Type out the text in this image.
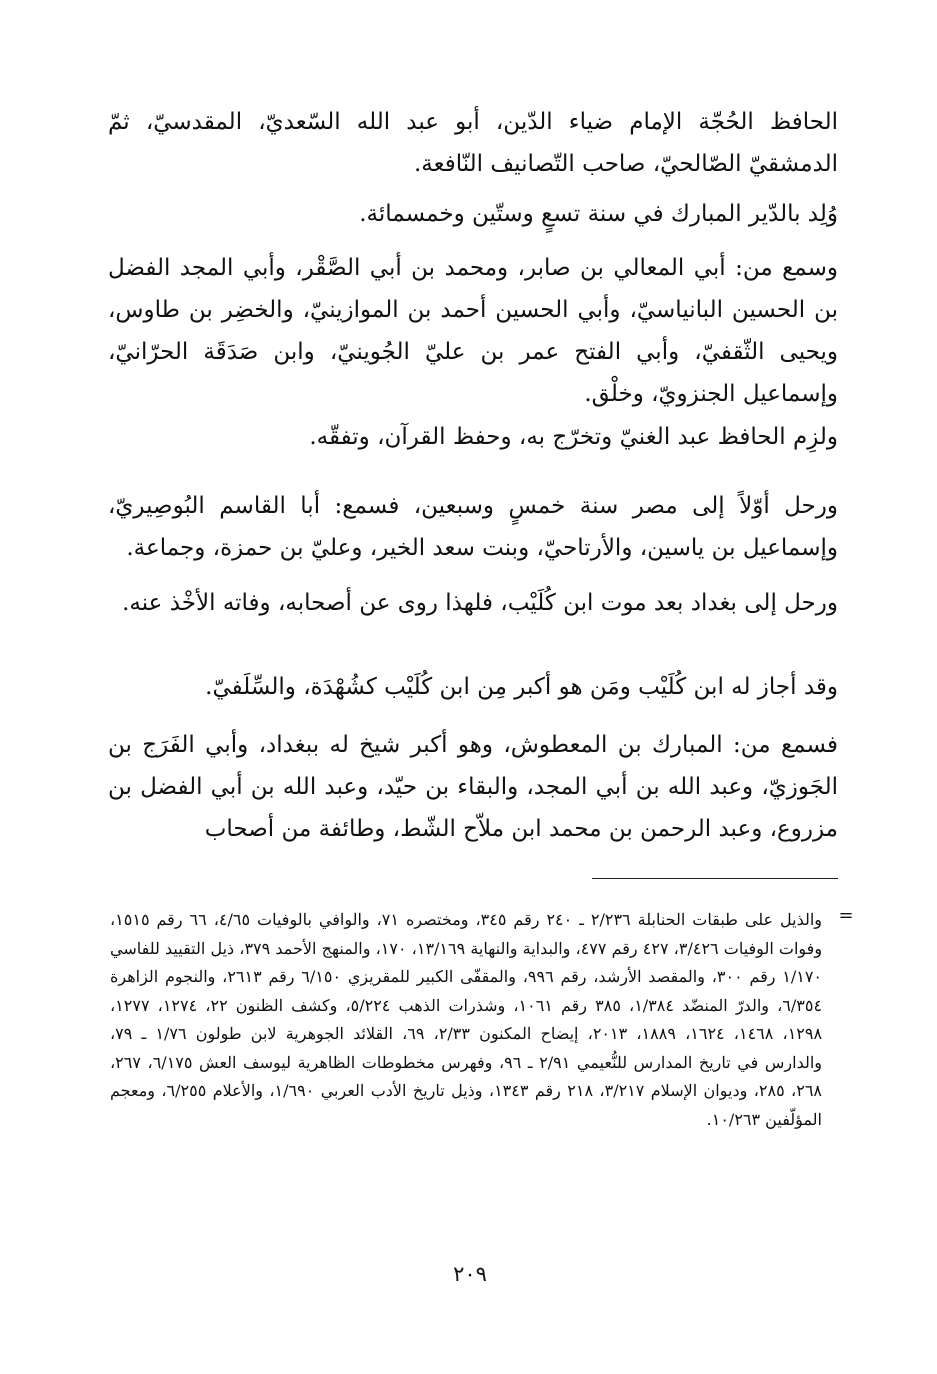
الحافظ الحُجّة الإمام ضياء الدّين، أبو عبد الله السّعديّ، المقدسيّ، ثمّ الدمشقيّ الصّالحيّ، صاحب التّصانيف النّافعة.

وُلِد بالدّير المبارك في سنة تسعٍ وستّين وخمسمائة.

وسمع من: أبي المعالي بن صابر، ومحمد بن أبي الصَّقْر، وأبي المجد الفضل بن الحسين البانياسيّ، وأبي الحسين أحمد بن الموازينيّ، والخضِر بن طاوس، ويحيى الثّقفيّ، وأبي الفتح عمر بن عليّ الجُوينيّ، وابن صَدَقَة الحرّانيّ، وإسماعيل الجنزويّ، وخلْق.

ولزِم الحافظ عبد الغنيّ وتخرّج به، وحفظ القرآن، وتفقّه.

ورحل أوّلاً إلى مصر سنة خمسٍ وسبعين، فسمع: أبا القاسم البُوصِيريّ، وإسماعيل بن ياسين، والأرتاحيّ، وبنت سعد الخير، وعليّ بن حمزة، وجماعة.

ورحل إلى بغداد بعد موت ابن كُلَيْب، فلهذا روى عن أصحابه، وفاته الأخْذ عنه.

وقد أجاز له ابن كُلَيْب ومَن هو أكبر مِن ابن كُلَيْب كشُهْدَة، والسِّلَفيّ.

فسمع من: المبارك بن المعطوش، وهو أكبر شيخ له ببغداد، وأبي الفَرَج بن الجَوزيّ، وعبد الله بن أبي المجد، والبقاء بن حيّد، وعبد الله بن أبي الفضل بن مزروع، وعبد الرحمن بن محمد ابن ملاّح الشّط، وطائفة من أصحاب

=

والذيل على طبقات الحنابلة ٢/٢٣٦ ـ ٢٤٠ رقم ٣٤٥، ومختصره ٧١، والوافي بالوفيات ٤/٦٥، ٦٦ رقم ١٥١٥، وفوات الوفيات ٣/٤٢٦، ٤٢٧ رقم ٤٧٧، والبداية والنهاية ١٣/١٦٩، ١٧٠، والمنهج الأحمد ٣٧٩، ذيل التقييد للفاسي ١/١٧٠ رقم ٣٠٠، والمقصد الأرشد، رقم ٩٩٦، والمقفّى الكبير للمقريزي ٦/١٥٠ رقم ٢٦١٣، والنجوم الزاهرة ٦/٣٥٤، والدرّ المنضّد ١/٣٨٤، ٣٨٥ رقم ١٠٦١، وشذرات الذهب ٥/٢٢٤، وكشف الظنون ٢٢، ١٢٧٤، ١٢٧٧، ١٢٩٨، ١٤٦٨، ١٦٢٤، ١٨٨٩، ٢٠١٣، إيضاح المكنون ٢/٣٣، ٦٩، القلائد الجوهرية لابن طولون ١/٧٦ ـ ٧٩، والدارس في تاريخ المدارس للنُّعيمي ٢/٩١ ـ ٩٦، وفهرس مخطوطات الظاهرية ليوسف العش ٦/١٧٥، ٢٦٧، ٢٦٨، ٢٨٥، وديوان الإسلام ٣/٢١٧، ٢١٨ رقم ١٣٤٣، وذيل تاريخ الأدب العربي ١/٦٩٠، والأعلام ٦/٢٥٥، ومعجم المؤلّفين ١٠/٢٦٣.

٢٠٩
